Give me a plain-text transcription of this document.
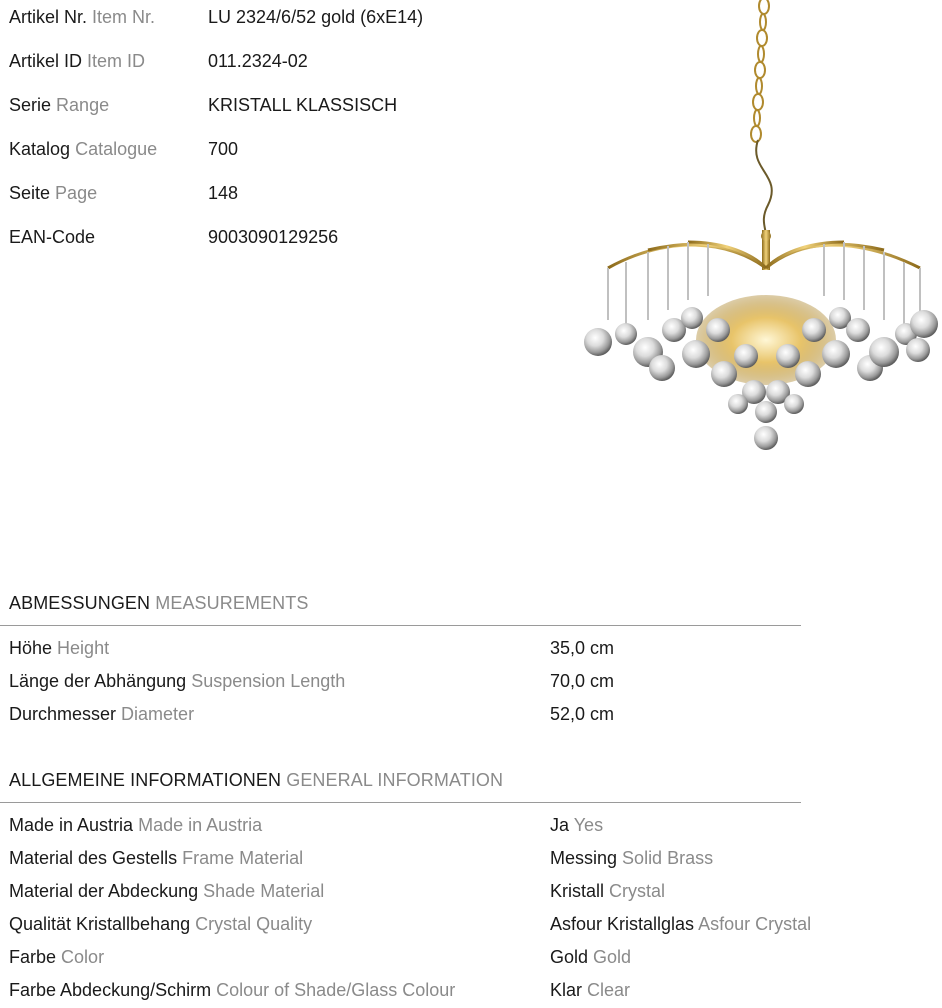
Artikel Nr. Item Nr.	LU 2324/6/52 gold (6xE14)
Artikel ID Item ID	011.2324-02
Serie Range	KRISTALL KLASSISCH
Katalog Catalogue	700
Seite Page	148
EAN-Code	9003090129256
ABMESSUNGEN MEASUREMENTS
Höhe Height	35,0 cm
Länge der Abhängung Suspension Length	70,0 cm
Durchmesser Diameter	52,0 cm
ALLGEMEINE INFORMATIONEN GENERAL INFORMATION
Made in Austria Made in Austria	Ja Yes
Material des Gestells Frame Material	Messing Solid Brass
Material der Abdeckung Shade Material	Kristall Crystal
Qualität Kristallbehang Crystal Quality	Asfour Kristallglas Asfour Crystal
Farbe Color	Gold Gold
Farbe Abdeckung/Schirm Colour of Shade/Glass Colour	Klar Clear
